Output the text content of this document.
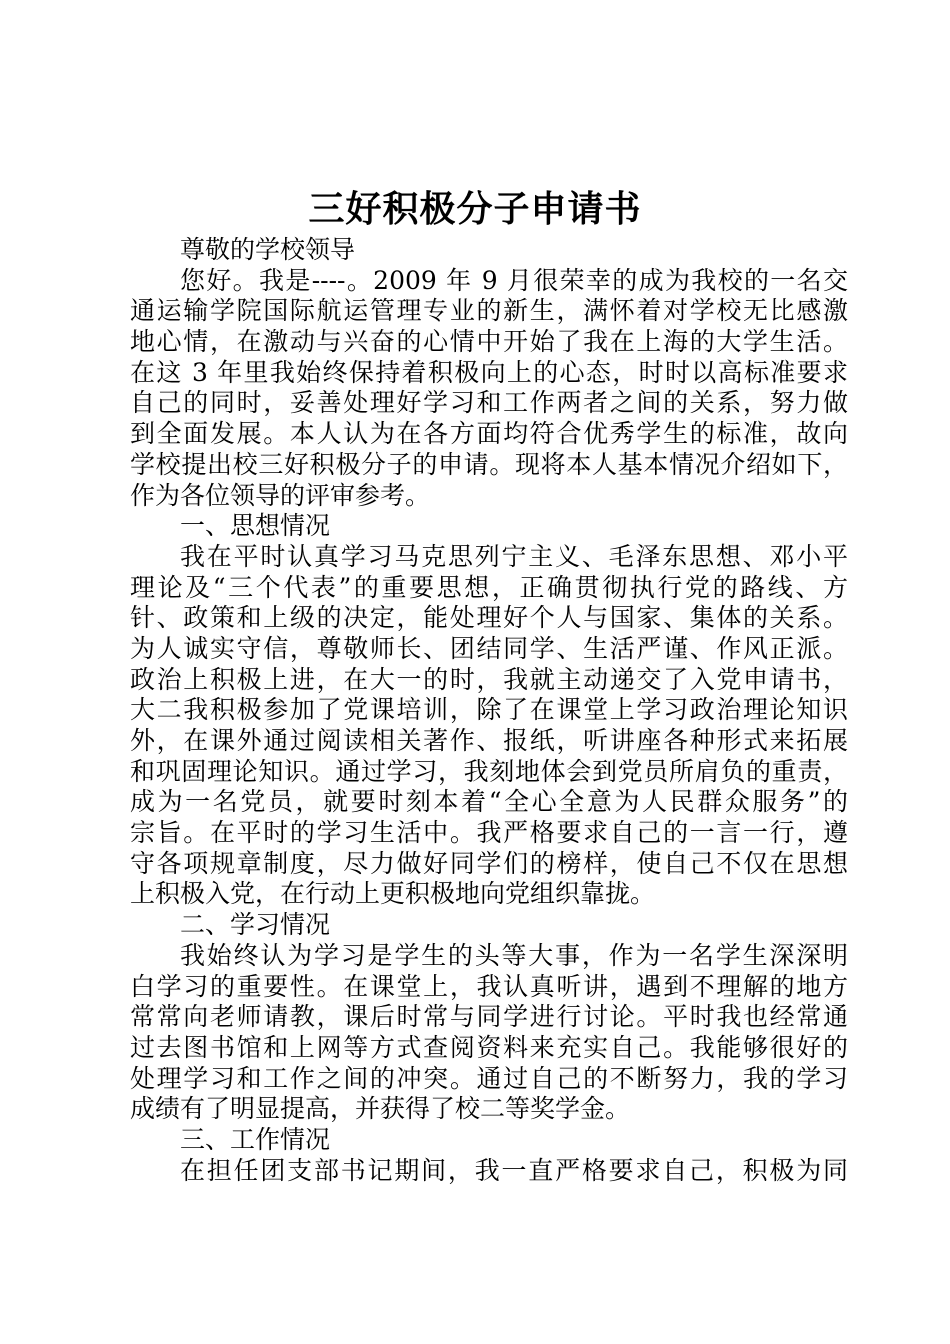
三好积极分子申请书
尊敬的学校领导
您好。我是----。2009 年 9 月很荣幸的成为我校的一名交
通运输学院国际航运管理专业的新生，满怀着对学校无比感激
地心情，在激动与兴奋的心情中开始了我在上海的大学生活。
在这 3 年里我始终保持着积极向上的心态，时时以高标准要求
自己的同时，妥善处理好学习和工作两者之间的关系，努力做
到全面发展。本人认为在各方面均符合优秀学生的标准，故向
学校提出校三好积极分子的申请。现将本人基本情况介绍如下，
作为各位领导的评审参考。
一、思想情况
我在平时认真学习马克思列宁主义、毛泽东思想、邓小平
理论及“三个代表”的重要思想，正确贯彻执行党的路线、方
针、政策和上级的决定，能处理好个人与国家、集体的关系。
为人诚实守信，尊敬师长、团结同学、生活严谨、作风正派。
政治上积极上进，在大一的时，我就主动递交了入党申请书，
大二我积极参加了党课培训，除了在课堂上学习政治理论知识
外，在课外通过阅读相关著作、报纸，听讲座各种形式来拓展
和巩固理论知识。通过学习，我刻地体会到党员所肩负的重责，
成为一名党员，就要时刻本着“全心全意为人民群众服务”的
宗旨。在平时的学习生活中。我严格要求自己的一言一行，遵
守各项规章制度，尽力做好同学们的榜样，使自己不仅在思想
上积极入党，在行动上更积极地向党组织靠拢。
二、学习情况
我始终认为学习是学生的头等大事，作为一名学生深深明
白学习的重要性。在课堂上，我认真听讲，遇到不理解的地方
常常向老师请教，课后时常与同学进行讨论。平时我也经常通
过去图书馆和上网等方式查阅资料来充实自己。我能够很好的
处理学习和工作之间的冲突。通过自己的不断努力，我的学习
成绩有了明显提高，并获得了校二等奖学金。
三、工作情况
在担任团支部书记期间，我一直严格要求自己，积极为同
